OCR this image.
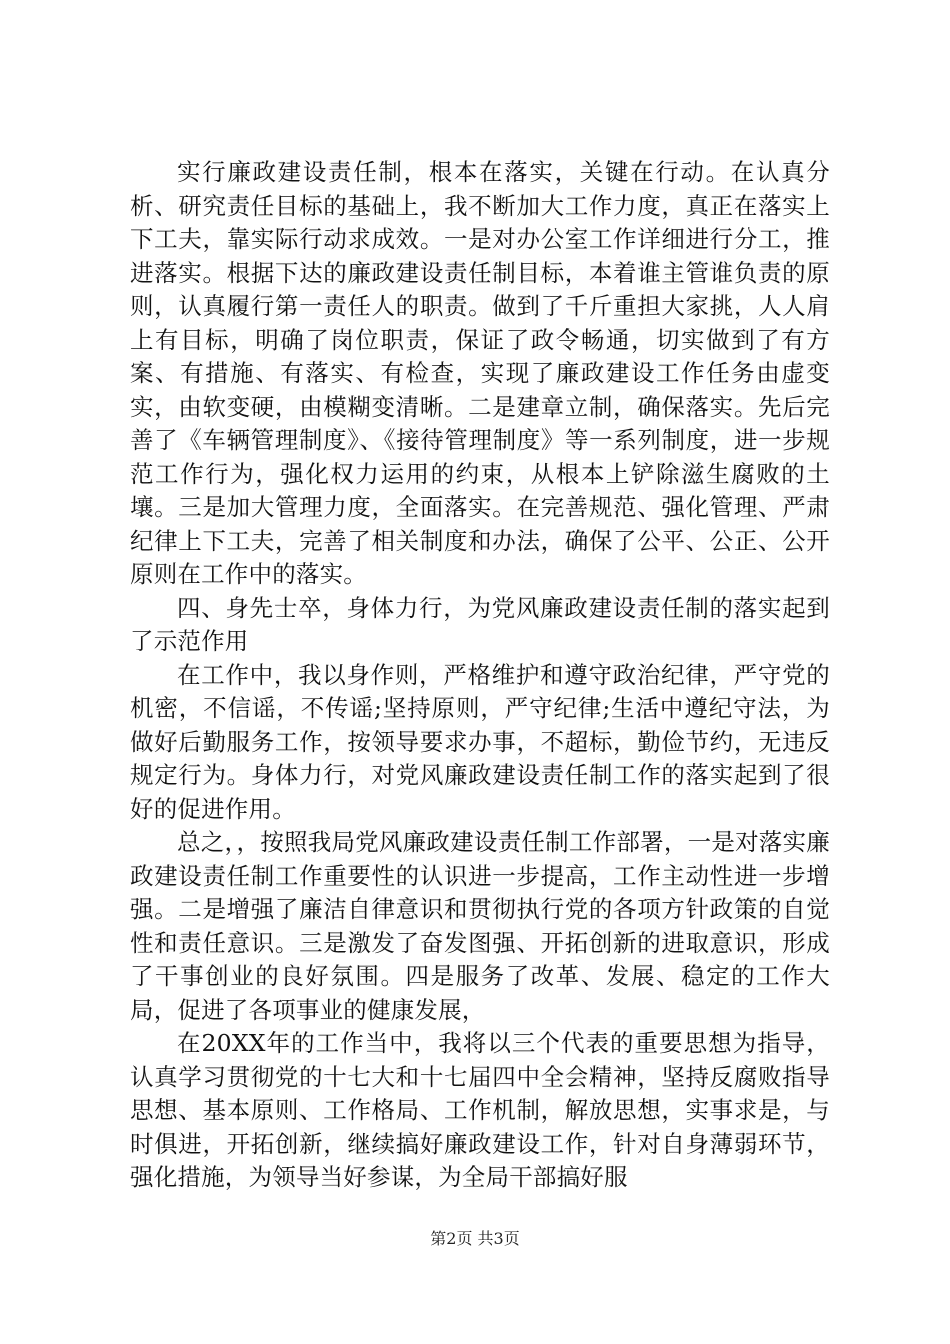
实行廉政建设责任制，根本在落实，关键在行动。在认真分析、研究责任目标的基础上，我不断加大工作力度，真正在落实上下工夫，靠实际行动求成效。一是对办公室工作详细进行分工，推进落实。根据下达的廉政建设责任制目标，本着谁主管谁负责的原则，认真履行第一责任人的职责。做到了千斤重担大家挑，人人肩上有目标，明确了岗位职责，保证了政令畅通，切实做到了有方案、有措施、有落实、有检查，实现了廉政建设工作任务由虚变实，由软变硬，由模糊变清晰。二是建章立制，确保落实。先后完善了《车辆管理制度》、《接待管理制度》等一系列制度，进一步规范工作行为，强化权力运用的约束，从根本上铲除滋生腐败的土壤。三是加大管理力度，全面落实。在完善规范、强化管理、严肃纪律上下工夫，完善了相关制度和办法，确保了公平、公正、公开原则在工作中的落实。

四、身先士卒，身体力行，为党风廉政建设责任制的落实起到了示范作用

在工作中，我以身作则，严格维护和遵守政治纪律，严守党的机密，不信谣，不传谣;坚持原则，严守纪律;生活中遵纪守法，为做好后勤服务工作，按领导要求办事，不超标，勤俭节约，无违反规定行为。身体力行，对党风廉政建设责任制工作的落实起到了很好的促进作用。

总之，，按照我局党风廉政建设责任制工作部署，一是对落实廉政建设责任制工作重要性的认识进一步提高，工作主动性进一步增强。二是增强了廉洁自律意识和贯彻执行党的各项方针政策的自觉性和责任意识。三是激发了奋发图强、开拓创新的进取意识，形成了干事创业的良好氛围。四是服务了改革、发展、稳定的工作大局，促进了各项事业的健康发展，

在20XX年的工作当中，我将以三个代表的重要思想为指导，认真学习贯彻党的十七大和十七届四中全会精神，坚持反腐败指导思想、基本原则、工作格局、工作机制，解放思想，实事求是，与时俱进，开拓创新，继续搞好廉政建设工作，针对自身薄弱环节，强化措施，为领导当好参谋，为全局干部搞好服

第2页 共3页
